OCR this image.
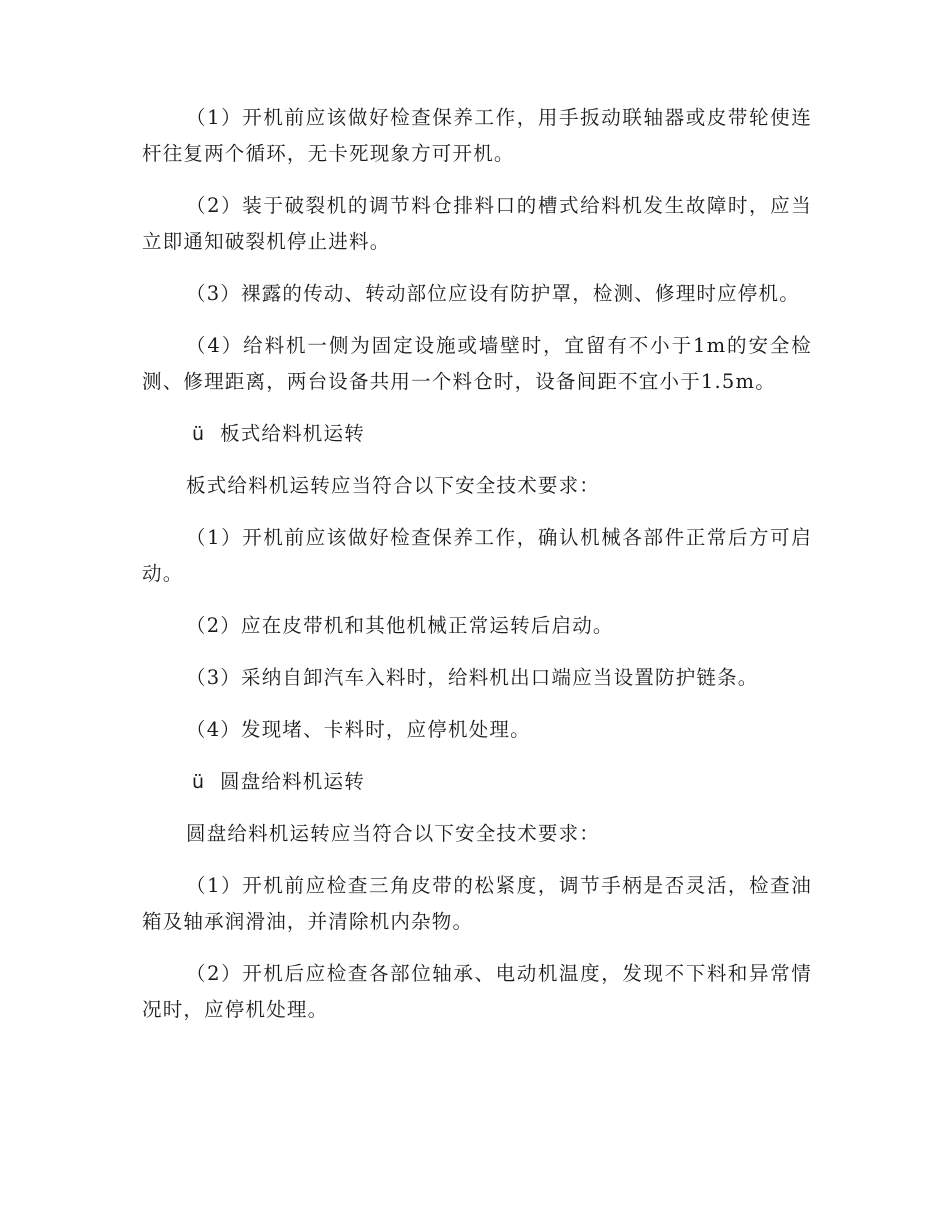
（1）开机前应该做好检查保养工作，用手扳动联轴器或皮带轮使连杆往复两个循环，无卡死现象方可开机。

（2）装于破裂机的调节料仓排料口的槽式给料机发生故障时，应当立即通知破裂机停止进料。

（3）裸露的传动、转动部位应设有防护罩，检测、修理时应停机。

（4）给料机一侧为固定设施或墙壁时，宜留有不小于1m的安全检测、修理距离，两台设备共用一个料仓时，设备间距不宜小于1.5m。

ü 板式给料机运转

板式给料机运转应当符合以下安全技术要求：

（1）开机前应该做好检查保养工作，确认机械各部件正常后方可启动。

（2）应在皮带机和其他机械正常运转后启动。

（3）采纳自卸汽车入料时，给料机出口端应当设置防护链条。

（4）发现堵、卡料时，应停机处理。

ü 圆盘给料机运转

圆盘给料机运转应当符合以下安全技术要求：

（1）开机前应检查三角皮带的松紧度，调节手柄是否灵活，检查油箱及轴承润滑油，并清除机内杂物。

（2）开机后应检查各部位轴承、电动机温度，发现不下料和异常情况时，应停机处理。
